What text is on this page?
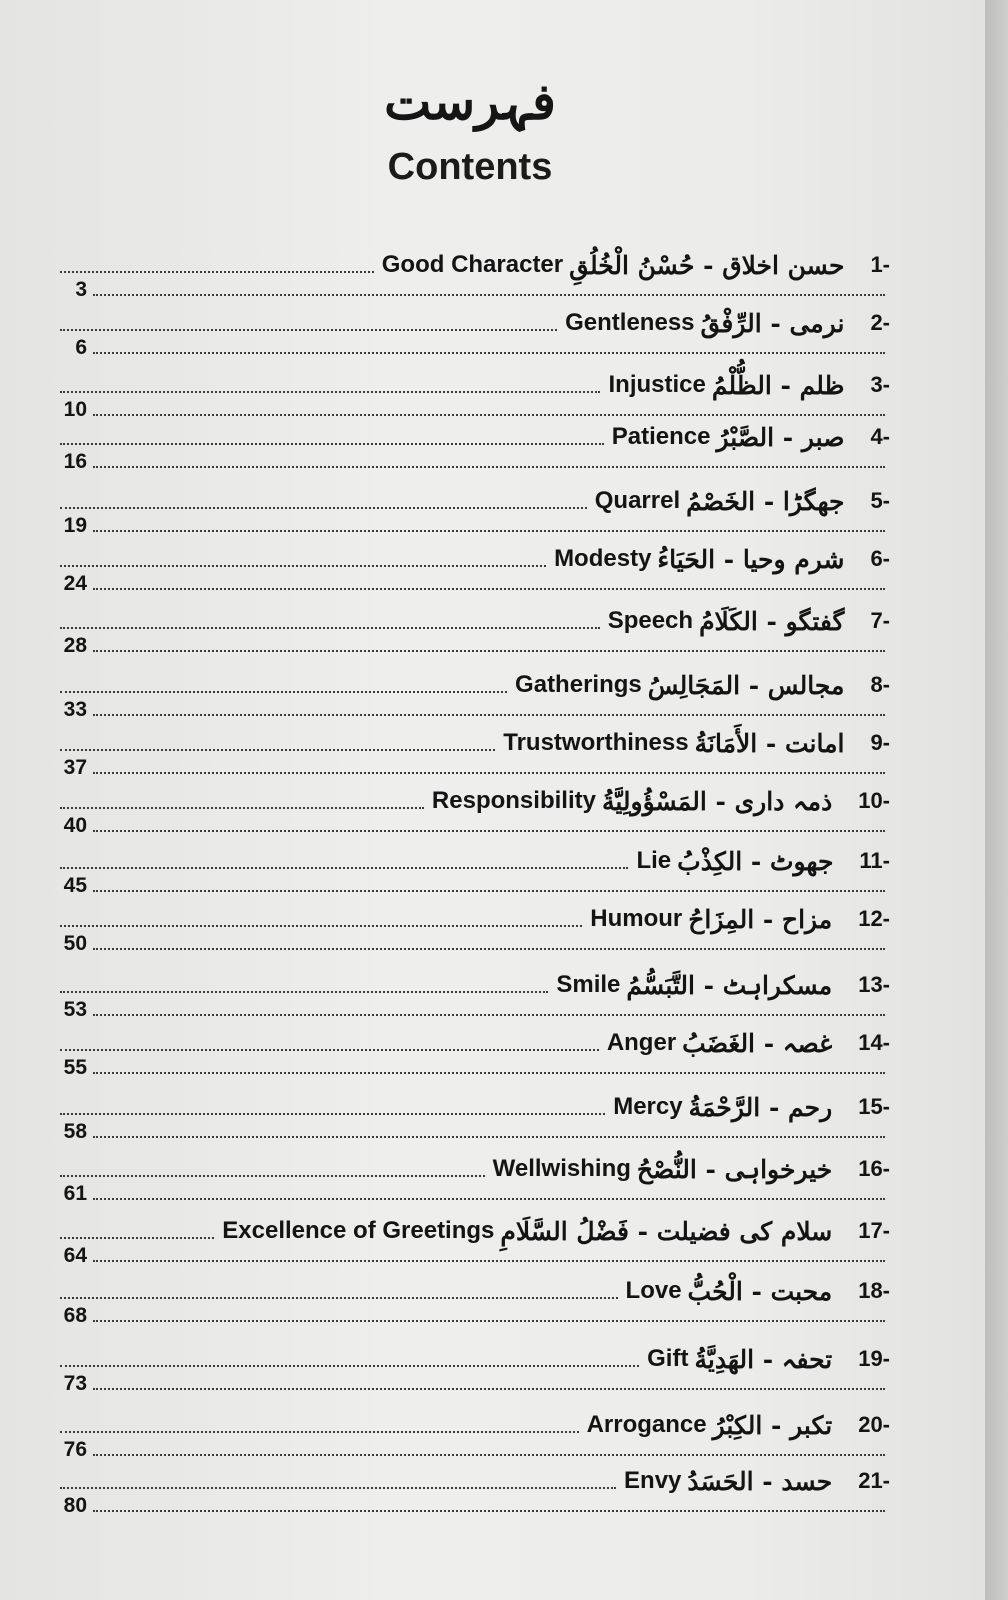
فہرست
Contents
1-
حسن اخلاق - حُسْنُ الْخُلُقِ
Good Character
3
2-
نرمی - الرِّفْقُ
Gentleness
6
3-
ظلم - الظُّلْمُ
Injustice
10
4-
صبر - الصَّبْرُ
Patience
16
5-
جھگڑا - الخَصْمُ
Quarrel
19
6-
شرم وحیا - الحَيَاءُ
Modesty
24
7-
گفتگو - الكَلَامُ
Speech
28
8-
مجالس - المَجَالِسُ
Gatherings
33
9-
امانت - الأَمَانَةُ
Trustworthiness
37
10-
ذمہ داری - المَسْؤُولِيَّةُ
Responsibility
40
11-
جھوٹ - الكِذْبُ
Lie
45
12-
مزاح - المِزَاحُ
Humour
50
13-
مسکراہٹ - التَّبَسُّمُ
Smile
53
14-
غصہ - الغَضَبُ
Anger
55
15-
رحم - الرَّحْمَةُ
Mercy
58
16-
خیرخواہی - النُّصْحُ
Wellwishing
61
17-
سلام کی فضیلت - فَضْلُ السَّلَامِ
Excellence of Greetings
64
18-
محبت - الْحُبُّ
Love
68
19-
تحفہ - الهَدِيَّةُ
Gift
73
20-
تکبر - الكِبْرُ
Arrogance
76
21-
حسد - الحَسَدُ
Envy
80
